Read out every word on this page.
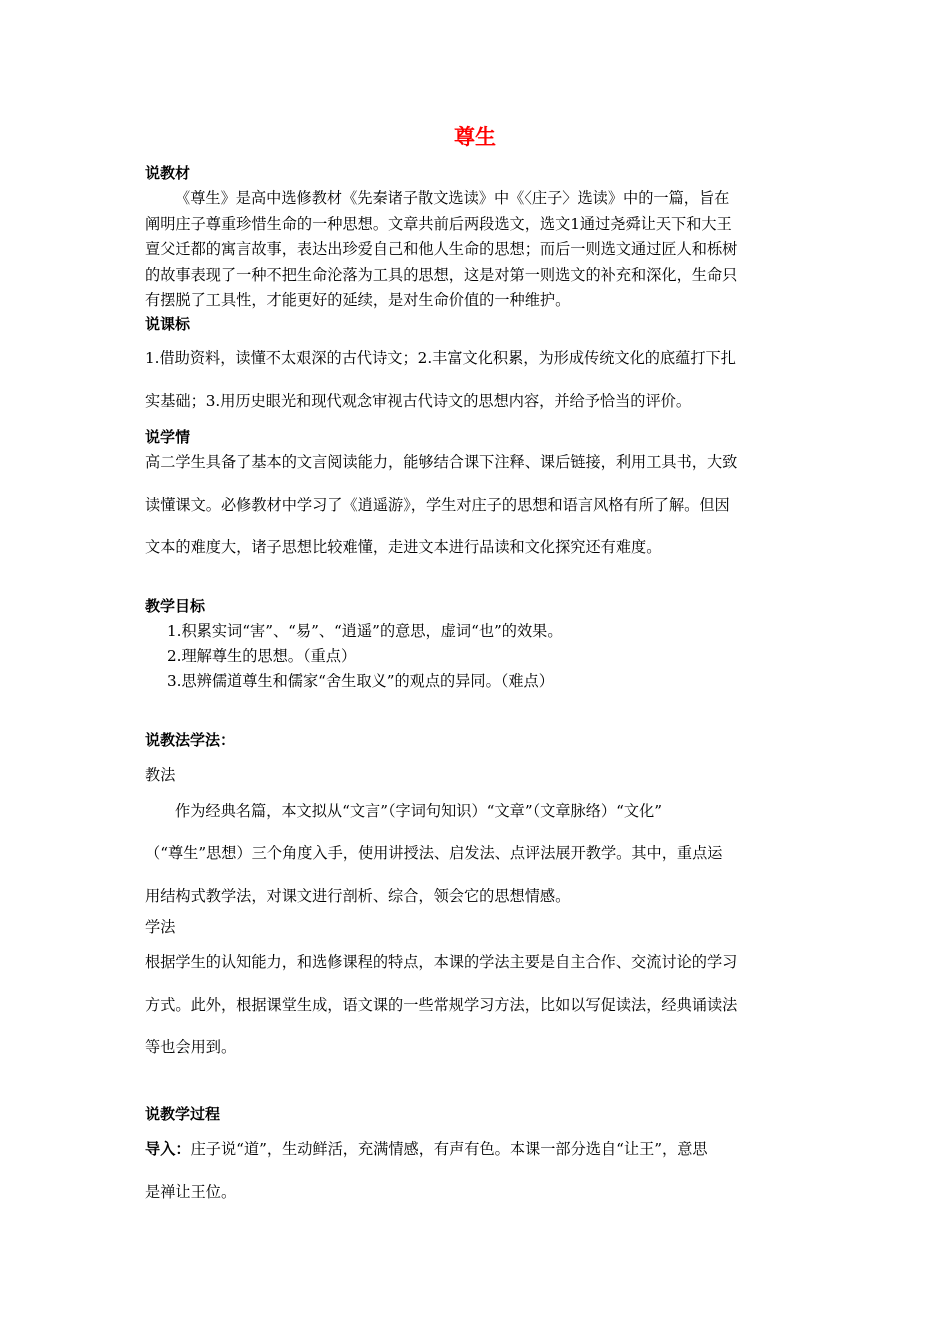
尊生
说教材
《尊生》是高中选修教材《先秦诸子散文选读》中《〈庄子〉选读》中的一篇，旨在
阐明庄子尊重珍惜生命的一种思想。文章共前后两段选文，选文1通过尧舜让天下和大王
亶父迁都的寓言故事，表达出珍爱自己和他人生命的思想；而后一则选文通过匠人和栎树
的故事表现了一种不把生命沦落为工具的思想，这是对第一则选文的补充和深化，生命只
有摆脱了工具性，才能更好的延续，是对生命价值的一种维护。
说课标
1.借助资料，读懂不太艰深的古代诗文；2.丰富文化积累，为形成传统文化的底蕴打下扎
实基础；3.用历史眼光和现代观念审视古代诗文的思想内容，并给予恰当的评价。
说学情
高二学生具备了基本的文言阅读能力，能够结合课下注释、课后链接，利用工具书，大致
读懂课文。必修教材中学习了《逍遥游》，学生对庄子的思想和语言风格有所了解。但因
文本的难度大，诸子思想比较难懂，走进文本进行品读和文化探究还有难度。
教学目标
1.积累实词“害”、“易”、“逍遥”的意思，虚词“也”的效果。
2.理解尊生的思想。（重点）
3.思辨儒道尊生和儒家“舍生取义”的观点的异同。（难点）
说教法学法：
教法
作为经典名篇，本文拟从“文言”（字词句知识）“文章”（文章脉络）“文化”
（“尊生”思想）三个角度入手，使用讲授法、启发法、点评法展开教学。其中，重点运
用结构式教学法，对课文进行剖析、综合，领会它的思想情感。
学法
根据学生的认知能力，和选修课程的特点，本课的学法主要是自主合作、交流讨论的学习
方式。此外，根据课堂生成，语文课的一些常规学习方法，比如以写促读法，经典诵读法
等也会用到。
说教学过程
导入：庄子说“道”，生动鲜活，充满情感，有声有色。本课一部分选自“让王”，意思
是禅让王位。
